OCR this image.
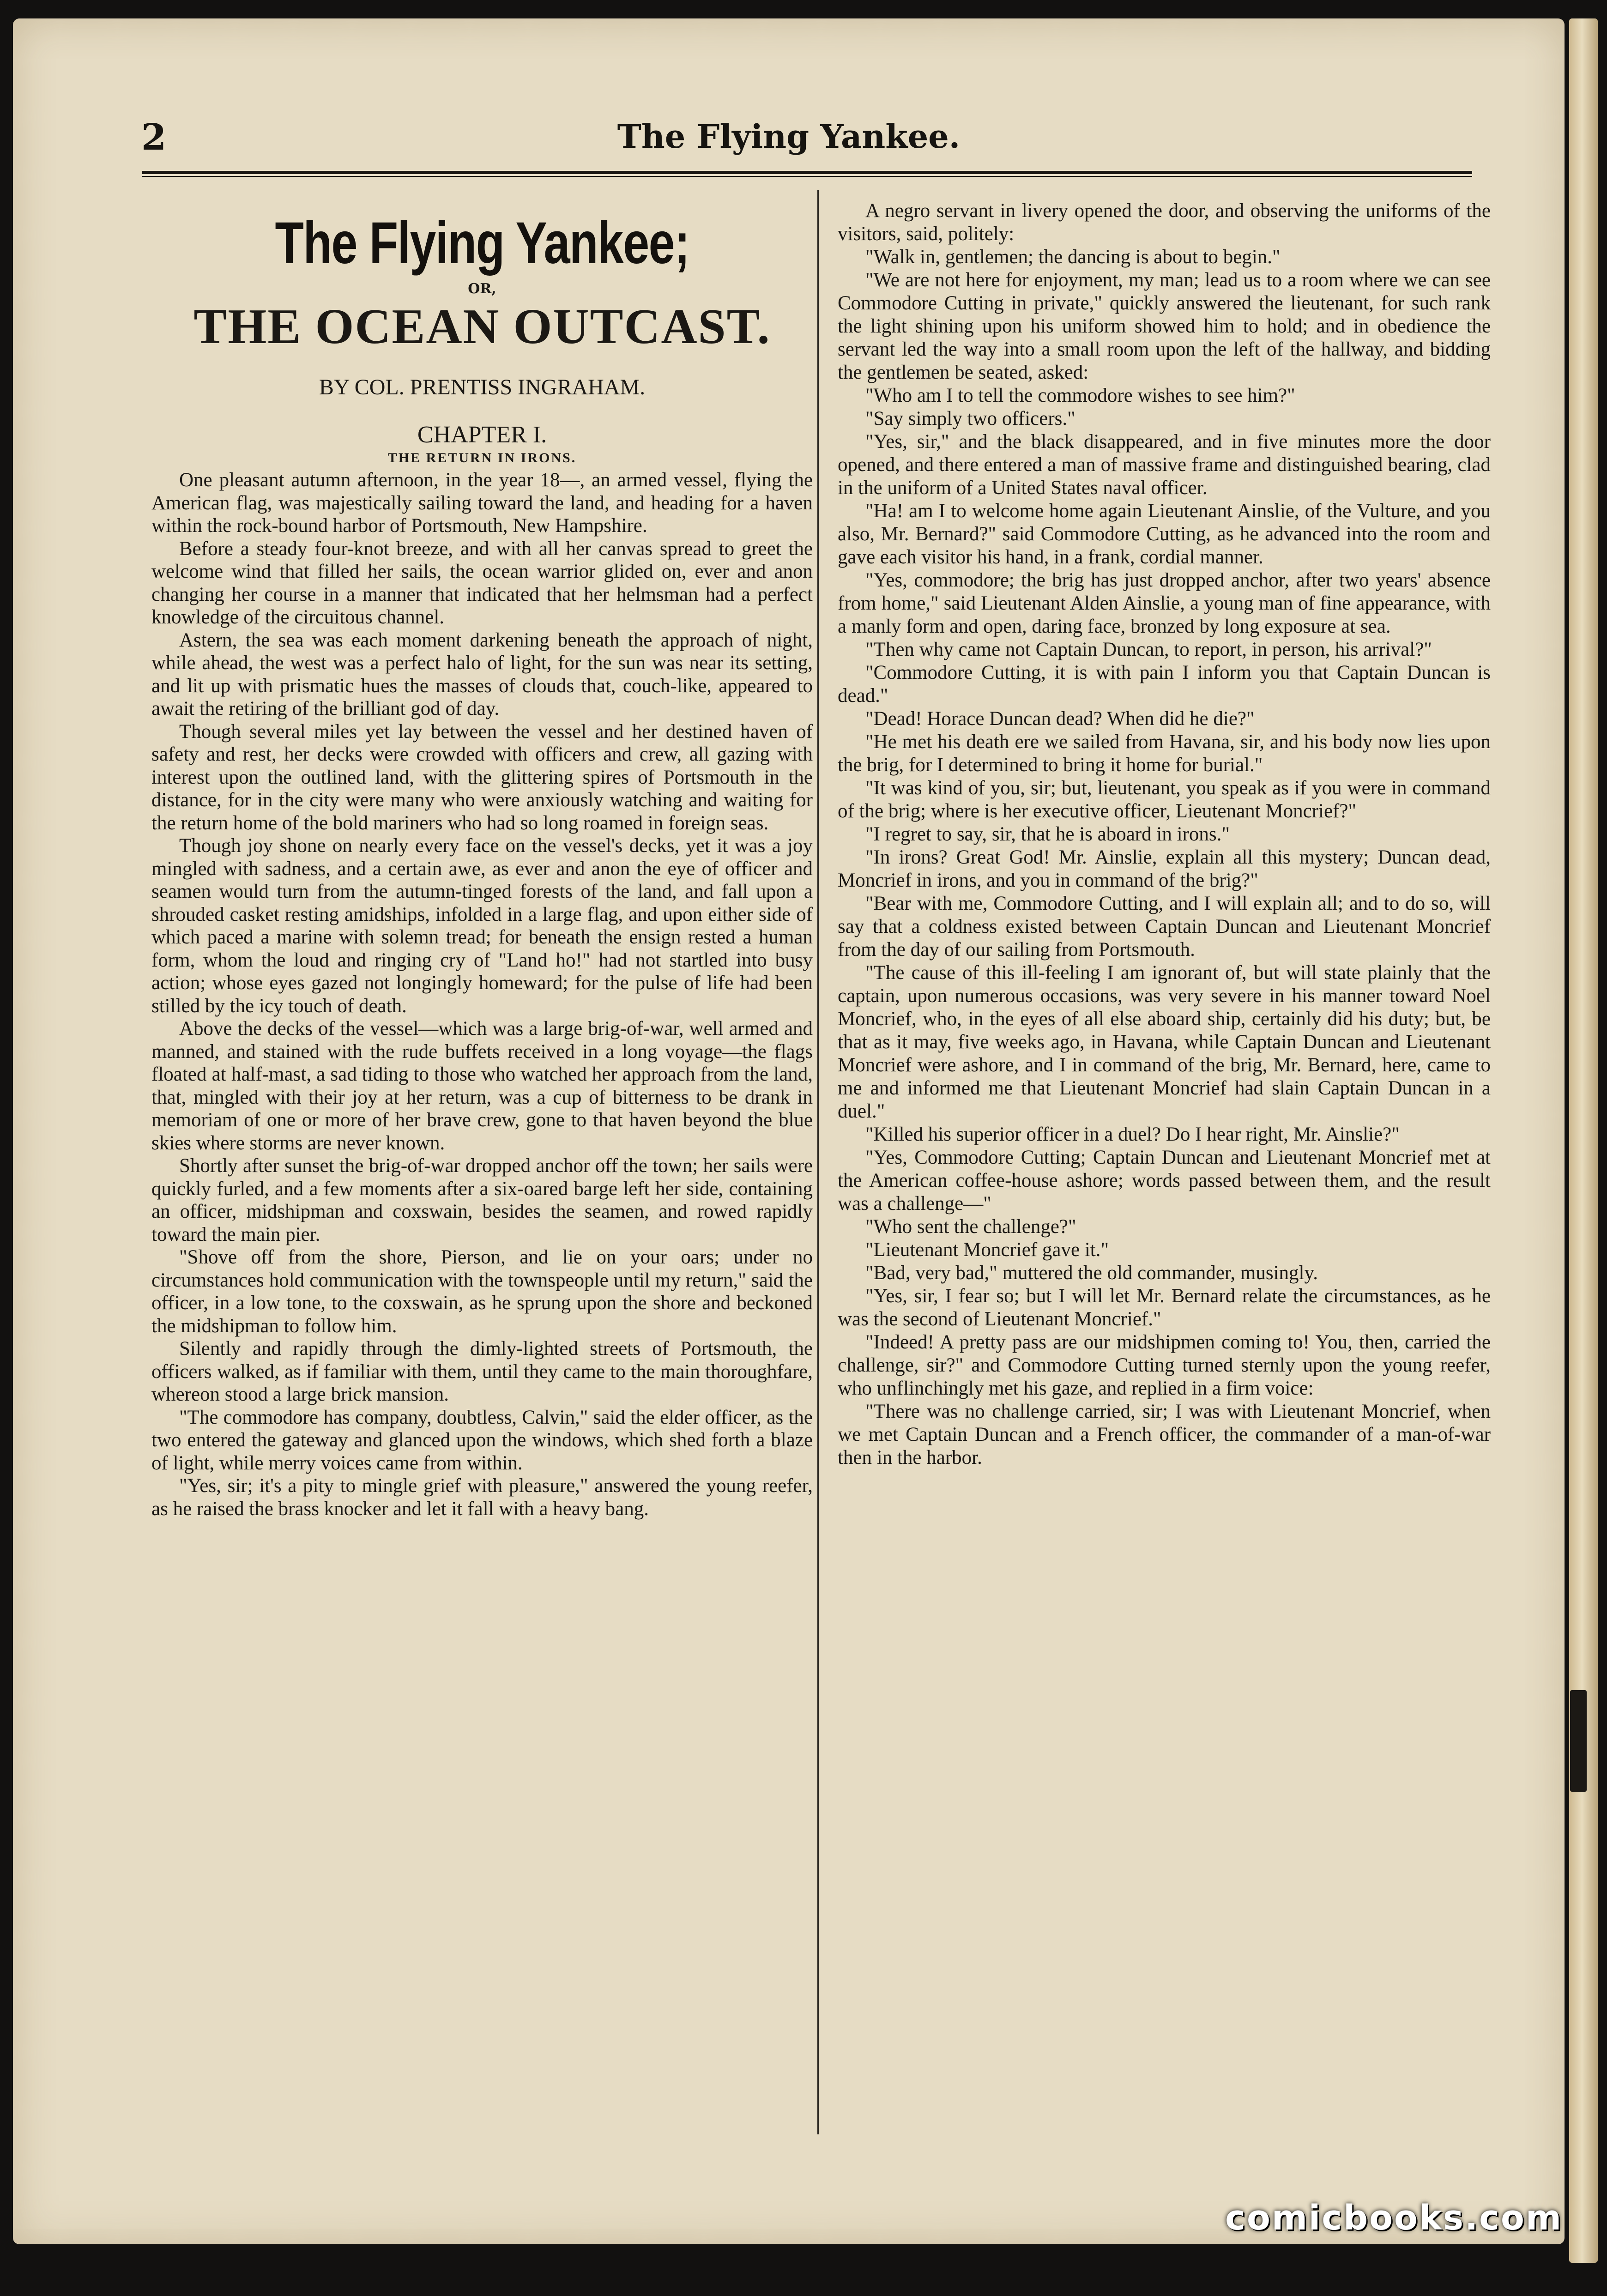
2	The Flying Yankee.
The Flying Yankee;
OR,
THE OCEAN OUTCAST.
BY COL. PRENTISS INGRAHAM.
CHAPTER I.
THE RETURN IN IRONS.

One pleasant autumn afternoon, in the year 18—, an armed vessel, flying the American flag, was majestically sailing toward the land, and heading for a haven within the rock-bound harbor of Portsmouth, New Hampshire.

Before a steady four-knot breeze, and with all her canvas spread to greet the welcome wind that filled her sails, the ocean warrior glided on, ever and anon changing her course in a manner that indicated that her helmsman had a perfect knowledge of the circuitous channel.

Astern, the sea was each moment darkening beneath the approach of night, while ahead, the west was a perfect halo of light, for the sun was near its setting, and lit up with prismatic hues the masses of clouds that, couch-like, appeared to await the retiring of the brilliant god of day.

Though several miles yet lay between the vessel and her destined haven of safety and rest, her decks were crowded with officers and crew, all gazing with interest upon the outlined land, with the glittering spires of Portsmouth in the distance, for in the city were many who were anxiously watching and waiting for the return home of the bold mariners who had so long roamed in foreign seas.

Though joy shone on nearly every face on the vessel's decks, yet it was a joy mingled with sadness, and a certain awe, as ever and anon the eye of officer and seamen would turn from the autumn-tinged forests of the land, and fall upon a shrouded casket resting amidships, infolded in a large flag, and upon either side of which paced a marine with solemn tread; for beneath the ensign rested a human form, whom the loud and ringing cry of "Land ho!" had not startled into busy action; whose eyes gazed not longingly homeward; for the pulse of life had been stilled by the icy touch of death.

Above the decks of the vessel—which was a large brig-of-war, well armed and manned, and stained with the rude buffets received in a long voyage—the flags floated at half-mast, a sad tiding to those who watched her approach from the land, that, mingled with their joy at her return, was a cup of bitterness to be drank in memoriam of one or more of her brave crew, gone to that haven beyond the blue skies where storms are never known.

Shortly after sunset the brig-of-war dropped anchor off the town; her sails were quickly furled, and a few moments after a six-oared barge left her side, containing an officer, midshipman and coxswain, besides the seamen, and rowed rapidly toward the main pier.

"Shove off from the shore, Pierson, and lie on your oars; under no circumstances hold communication with the townspeople until my return," said the officer, in a low tone, to the coxswain, as he sprung upon the shore and beckoned the midshipman to follow him.

Silently and rapidly through the dimly-lighted streets of Portsmouth, the officers walked, as if familiar with them, until they came to the main thoroughfare, whereon stood a large brick mansion.

"The commodore has company, doubtless, Calvin," said the elder officer, as the two entered the gateway and glanced upon the windows, which shed forth a blaze of light, while merry voices came from within.

"Yes, sir; it's a pity to mingle grief with pleasure," answered the young reefer, as he raised the brass knocker and let it fall with a heavy bang.

A negro servant in livery opened the door, and observing the uniforms of the visitors, said, politely:

"Walk in, gentlemen; the dancing is about to begin."

"We are not here for enjoyment, my man; lead us to a room where we can see Commodore Cutting in private," quickly answered the lieutenant, for such rank the light shining upon his uniform showed him to hold; and in obedience the servant led the way into a small room upon the left of the hallway, and bidding the gentlemen be seated, asked:

"Who am I to tell the commodore wishes to see him?"

"Say simply two officers."

"Yes, sir," and the black disappeared, and in five minutes more the door opened, and there entered a man of massive frame and distinguished bearing, clad in the uniform of a United States naval officer.

"Ha! am I to welcome home again Lieutenant Ainslie, of the Vulture, and you also, Mr. Bernard?" said Commodore Cutting, as he advanced into the room and gave each visitor his hand, in a frank, cordial manner.

"Yes, commodore; the brig has just dropped anchor, after two years' absence from home," said Lieutenant Alden Ainslie, a young man of fine appearance, with a manly form and open, daring face, bronzed by long exposure at sea.

"Then why came not Captain Duncan, to report, in person, his arrival?"

"Commodore Cutting, it is with pain I inform you that Captain Duncan is dead."

"Dead! Horace Duncan dead? When did he die?"

"He met his death ere we sailed from Havana, sir, and his body now lies upon the brig, for I determined to bring it home for burial."

"It was kind of you, sir; but, lieutenant, you speak as if you were in command of the brig; where is her executive officer, Lieutenant Moncrief?"

"I regret to say, sir, that he is aboard in irons."

"In irons? Great God! Mr. Ainslie, explain all this mystery; Duncan dead, Moncrief in irons, and you in command of the brig?"

"Bear with me, Commodore Cutting, and I will explain all; and to do so, will say that a coldness existed between Captain Duncan and Lieutenant Moncrief from the day of our sailing from Portsmouth.

"The cause of this ill-feeling I am ignorant of, but will state plainly that the captain, upon numerous occasions, was very severe in his manner toward Noel Moncrief, who, in the eyes of all else aboard ship, certainly did his duty; but, be that as it may, five weeks ago, in Havana, while Captain Duncan and Lieutenant Moncrief were ashore, and I in command of the brig, Mr. Bernard, here, came to me and informed me that Lieutenant Moncrief had slain Captain Duncan in a duel."

"Killed his superior officer in a duel? Do I hear right, Mr. Ainslie?"

"Yes, Commodore Cutting; Captain Duncan and Lieutenant Moncrief met at the American coffee-house ashore; words passed between them, and the result was a challenge—"

"Who sent the challenge?"

"Lieutenant Moncrief gave it."

"Bad, very bad," muttered the old commander, musingly.

"Yes, sir, I fear so; but I will let Mr. Bernard relate the circumstances, as he was the second of Lieutenant Moncrief."

"Indeed! A pretty pass are our midshipmen coming to! You, then, carried the challenge, sir?" and Commodore Cutting turned sternly upon the young reefer, who unflinchingly met his gaze, and replied in a firm voice:

"There was no challenge carried, sir; I was with Lieutenant Moncrief, when we met Captain Duncan and a French officer, the commander of a man-of-war then in the harbor.

comicbooks.com
